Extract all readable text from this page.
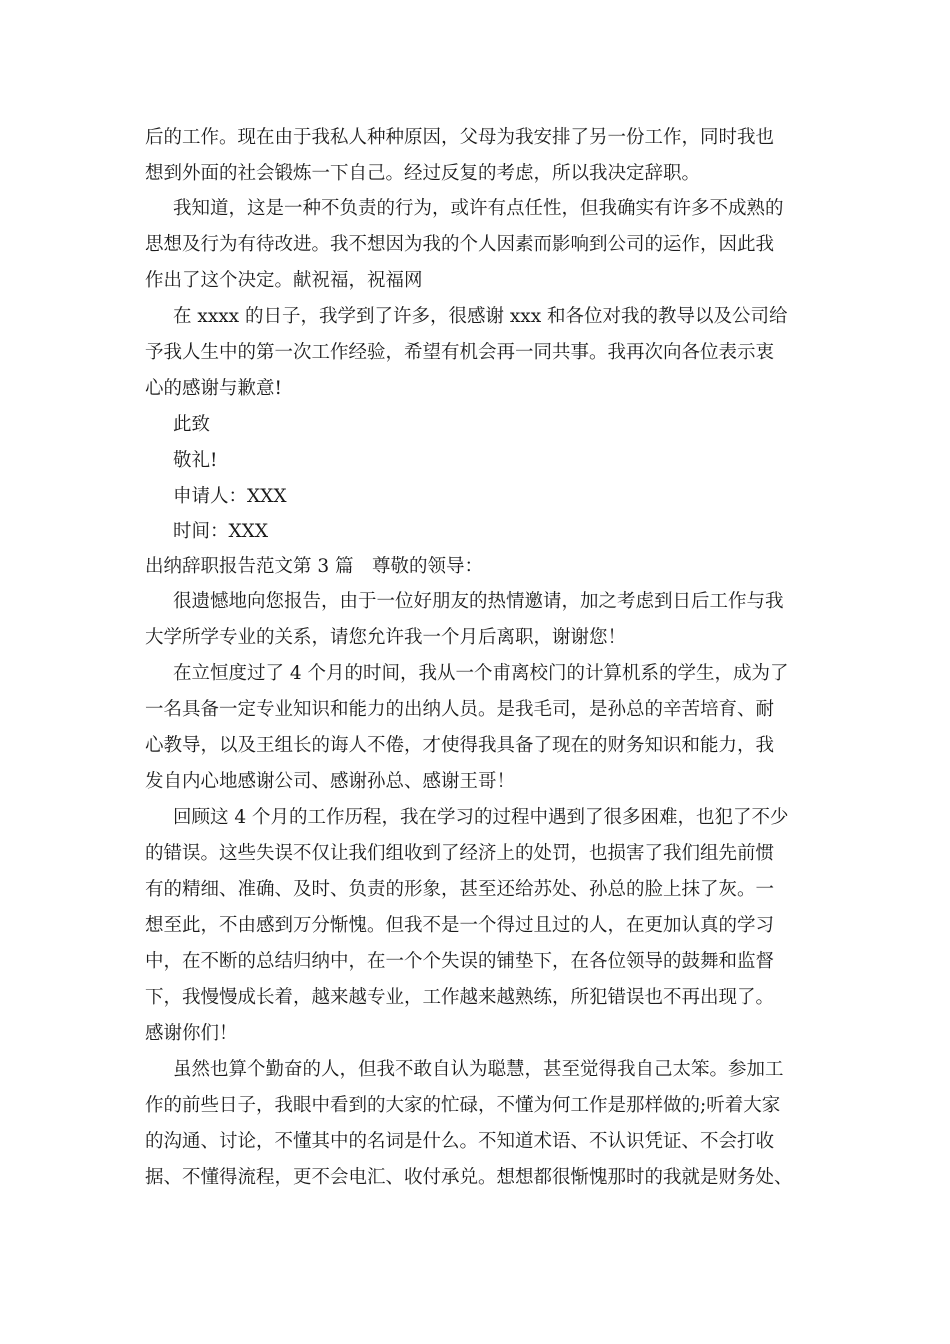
后的工作。现在由于我私人种种原因，父母为我安排了另一份工作，同时我也
想到外面的社会锻炼一下自己。经过反复的考虑，所以我决定辞职。
我知道，这是一种不负责的行为，或许有点任性，但我确实有许多不成熟的
思想及行为有待改进。我不想因为我的个人因素而影响到公司的运作，因此我
作出了这个决定。献祝福，祝福网
在 xxxx 的日子，我学到了许多，很感谢 xxx 和各位对我的教导以及公司给
予我人生中的第一次工作经验，希望有机会再一同共事。我再次向各位表示衷
心的感谢与歉意!
此致
敬礼!
申请人：XXX
时间：XXX
出纳辞职报告范文第 3 篇　尊敬的领导：
很遗憾地向您报告，由于一位好朋友的热情邀请，加之考虑到日后工作与我
大学所学专业的关系，请您允许我一个月后离职，谢谢您！
在立恒度过了 4 个月的时间，我从一个甫离校门的计算机系的学生，成为了
一名具备一定专业知识和能力的出纳人员。是我毛司，是孙总的辛苦培育、耐
心教导，以及王组长的诲人不倦，才使得我具备了现在的财务知识和能力，我
发自内心地感谢公司、感谢孙总、感谢王哥！
回顾这 4 个月的工作历程，我在学习的过程中遇到了很多困难，也犯了不少
的错误。这些失误不仅让我们组收到了经济上的处罚，也损害了我们组先前惯
有的精细、准确、及时、负责的形象，甚至还给苏处、孙总的脸上抹了灰。一
想至此，不由感到万分惭愧。但我不是一个得过且过的人，在更加认真的学习
中，在不断的总结归纳中，在一个个失误的铺垫下，在各位领导的鼓舞和监督
下，我慢慢成长着，越来越专业，工作越来越熟练，所犯错误也不再出现了。
感谢你们！
虽然也算个勤奋的人，但我不敢自认为聪慧，甚至觉得我自己太笨。参加工
作的前些日子，我眼中看到的大家的忙碌，不懂为何工作是那样做的;听着大家
的沟通、讨论，不懂其中的名词是什么。不知道术语、不认识凭证、不会打收
据、不懂得流程，更不会电汇、收付承兑。想想都很惭愧那时的我就是财务处、
